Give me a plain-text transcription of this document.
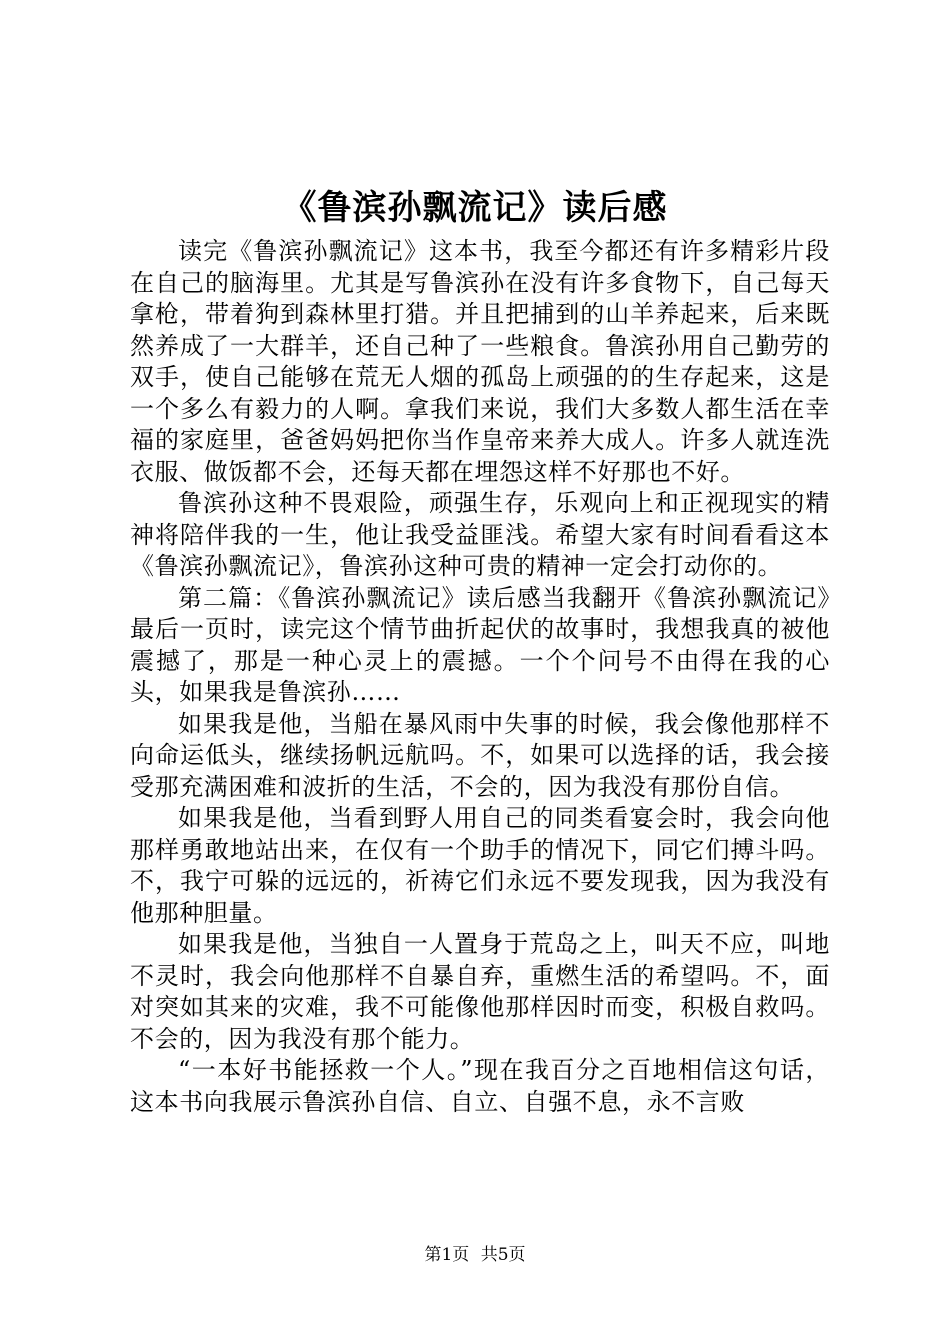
《鲁滨孙飘流记》读后感

读完《鲁滨孙飘流记》这本书，我至今都还有许多精彩片段在自己的脑海里。尤其是写鲁滨孙在没有许多食物下，自己每天拿枪，带着狗到森林里打猎。并且把捕到的山羊养起来，后来既然养成了一大群羊，还自己种了一些粮食。鲁滨孙用自己勤劳的双手，使自己能够在荒无人烟的孤岛上顽强的的生存起来，这是一个多么有毅力的人啊。拿我们来说，我们大多数人都生活在幸福的家庭里，爸爸妈妈把你当作皇帝来养大成人。许多人就连洗衣服、做饭都不会，还每天都在埋怨这样不好那也不好。

鲁滨孙这种不畏艰险，顽强生存，乐观向上和正视现实的精神将陪伴我的一生，他让我受益匪浅。希望大家有时间看看这本《鲁滨孙飘流记》，鲁滨孙这种可贵的精神一定会打动你的。

第二篇：《鲁滨孙飘流记》读后感当我翻开《鲁滨孙飘流记》最后一页时，读完这个情节曲折起伏的故事时，我想我真的被他震撼了，那是一种心灵上的震撼。一个个问号不由得在我的心头，如果我是鲁滨孙……

如果我是他，当船在暴风雨中失事的时候，我会像他那样不向命运低头，继续扬帆远航吗。不，如果可以选择的话，我会接受那充满困难和波折的生活，不会的，因为我没有那份自信。

如果我是他，当看到野人用自己的同类看宴会时，我会向他那样勇敢地站出来，在仅有一个助手的情况下，同它们搏斗吗。不，我宁可躲的远远的，祈祷它们永远不要发现我，因为我没有他那种胆量。

如果我是他，当独自一人置身于荒岛之上，叫天不应，叫地不灵时，我会向他那样不自暴自弃，重燃生活的希望吗。不，面对突如其来的灾难，我不可能像他那样因时而变，积极自救吗。不会的，因为我没有那个能力。

“一本好书能拯救一个人。”现在我百分之百地相信这句话，这本书向我展示鲁滨孙自信、自立、自强不息，永不言败

第1页 共5页
